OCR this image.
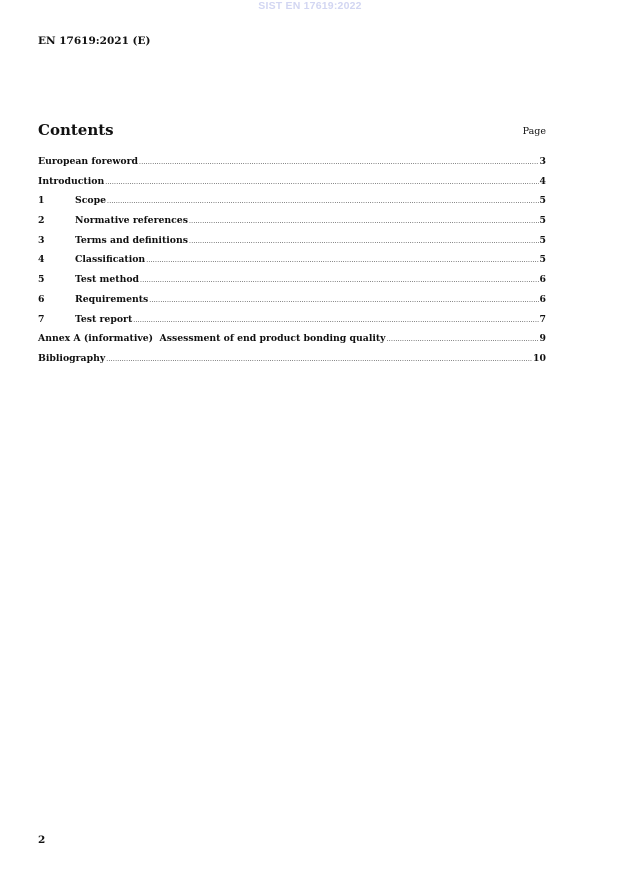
SIST EN 17619:2022
EN 17619:2021 (E)
Contents	Page
European foreword .....	3
Introduction .....	4
1	Scope .....	5
2	Normative references .....	5
3	Terms and definitions .....	5
4	Classification .....	5
5	Test method .....	6
6	Requirements .....	6
7	Test report .....	7
Annex A (informative)  Assessment of end product bonding quality .....	9
Bibliography .....	10
2
